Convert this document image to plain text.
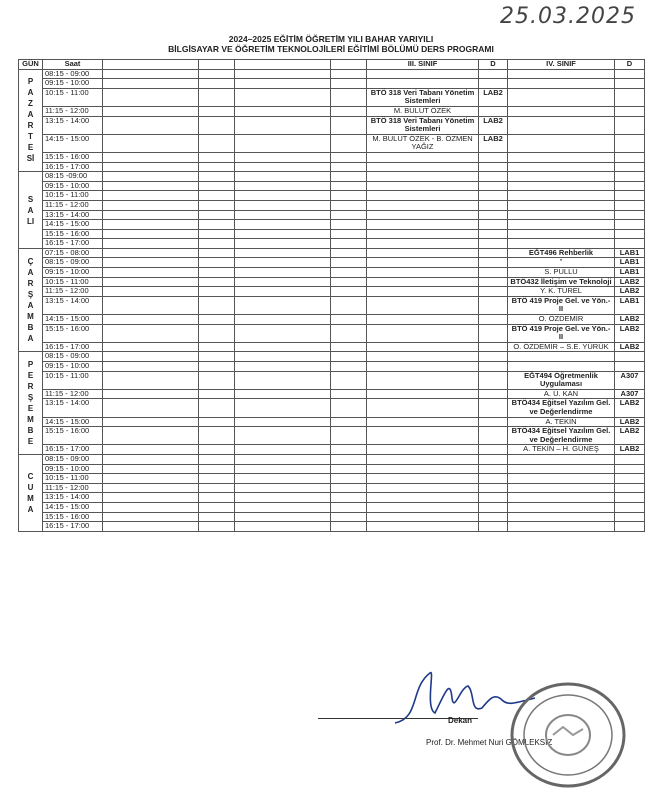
25.03.2025
2024–2025 EĞİTİM ÖĞRETİM YILI BAHAR YARIYILI
BİLGİSAYAR VE ÖĞRETİM TEKNOLOJİLERİ EĞİTİMİ BÖLÜMÜ DERS PROGRAMI
GÜN	Saat					III. SINIF	D	IV. SINIF	D

PAZARTESİ	08:15 - 09:00								
	09:15 - 10:00								
	10:15 - 11:00					BTÖ 318 Veri Tabanı Yönetim Sistemleri	LAB2		
	11:15 - 12:00					M. BULUT ÖZEK			
	13:15 - 14:00					BTÖ 318 Veri Tabanı Yönetim Sistemleri	LAB2		
	14:15 - 15:00					M. BULUT ÖZEK - B. ÖZMEN YAĞIZ	LAB2		
	15:15 - 16:00								
	16:15 - 17:00								

SALI	08:15 -09:00								
	09:15 - 10:00								
	10:15 - 11:00								
	11:15 - 12:00								
	13:15 - 14:00								
	14:15 - 15:00								
	15:15 - 16:00								
	16:15 - 17:00								

ÇARŞAMBA	07:15 - 08:00							EĞT496 Rehberlik	LAB1
	08:15 - 09:00							"	LAB1
	09:15 - 10:00							S. PULLU	LAB1
	10:15 - 11:00							BTÖ432 İletişim ve Teknoloji	LAB2
	11:15 - 12:00							Y. K. TÜREL	LAB2
	13:15 - 14:00							BTÖ 419 Proje Gel. ve Yön.-II	LAB1
	14:15 - 15:00							O. ÖZDEMİR	LAB2
	15:15 - 16:00							BTÖ 419 Proje Gel. ve Yön.-II	LAB2
	16:15 - 17:00							O. ÖZDEMİR – S.E. YÜRÜK	LAB2

PERŞEMBE	08:15 - 09:00								
	09:15 - 10:00								
	10:15 - 11:00							EĞT494 Öğretmenlik Uygulaması	A307
	11:15 - 12:00							A. Ü. KAN	A307
	13:15 - 14:00							BTÖ434 Eğitsel Yazılım Gel. ve Değerlendirme	LAB2
	14:15 - 15:00							A. TEKİN	LAB2
	15:15 - 16:00							BTÖ434 Eğitsel Yazılım Gel. ve Değerlendirme	LAB2
	16:15 - 17:00							A. TEKİN – H. GÜNEŞ	LAB2

CUMA	08:15 - 09:00								
	09:15 - 10:00								
	10:15 - 11:00								
	11:15 - 12:00								
	13:15 - 14:00								
	14:15 - 15:00								
	15:15 - 16:00								
	16:15 - 17:00								
Dekan
Prof. Dr. Mehmet Nuri GÖMLEKSİZ
